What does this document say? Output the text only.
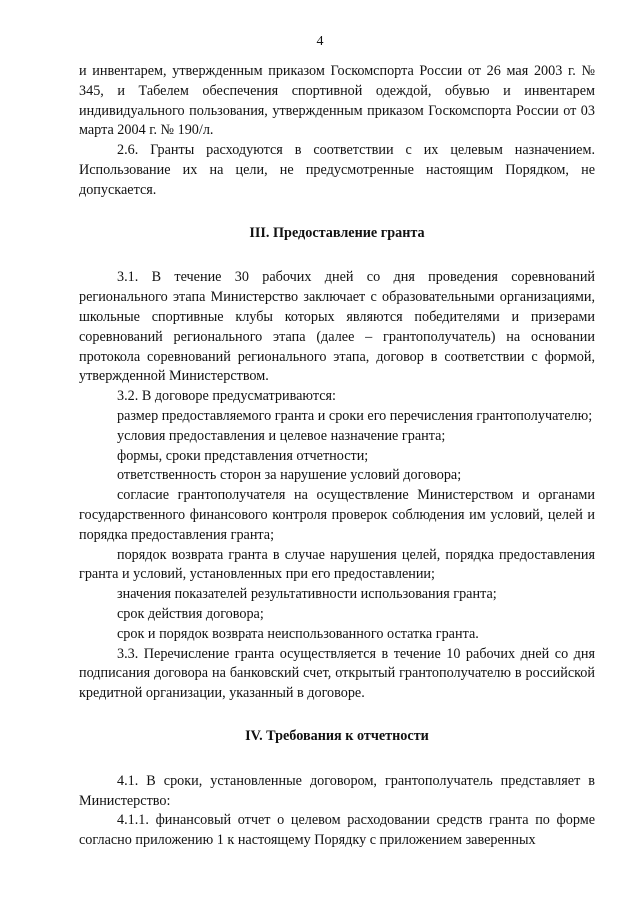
4

и инвентарем, утвержденным приказом Госкомспорта России от 26 мая 2003 г. № 345, и Табелем обеспечения спортивной одеждой, обувью и инвентарем индивидуального пользования, утвержденным приказом Госкомспорта России от 03 марта 2004 г. № 190/л.

2.6. Гранты расходуются в соответствии с их целевым назначением. Использование их на цели, не предусмотренные настоящим Порядком, не допускается.

III. Предоставление гранта

3.1. В течение 30 рабочих дней со дня проведения соревнований регионального этапа Министерство заключает с образовательными организациями, школьные спортивные клубы которых являются победителями и призерами соревнований регионального этапа (далее – грантополучатель) на основании протокола соревнований регионального этапа, договор в соответствии с формой, утвержденной Министерством.

3.2. В договоре предусматриваются:

размер предоставляемого гранта и сроки его перечисления грантополучателю;

условия предоставления и целевое назначение гранта;

формы, сроки представления отчетности;

ответственность сторон за нарушение условий договора;

согласие грантополучателя на осуществление Министерством и органами государственного финансового контроля проверок соблюдения им условий, целей и порядка предоставления гранта;

порядок возврата гранта в случае нарушения целей, порядка предоставления гранта и условий, установленных при его предоставлении;

значения показателей результативности использования гранта;

срок действия договора;

срок и порядок возврата неиспользованного остатка гранта.

3.3. Перечисление гранта осуществляется в течение 10 рабочих дней со дня подписания договора на банковский счет, открытый грантополучателю в российской кредитной организации, указанный в договоре.

IV. Требования к отчетности

4.1. В сроки, установленные договором, грантополучатель представляет в Министерство:

4.1.1. финансовый отчет о целевом расходовании средств гранта по форме согласно приложению 1 к настоящему Порядку с приложением заверенных
